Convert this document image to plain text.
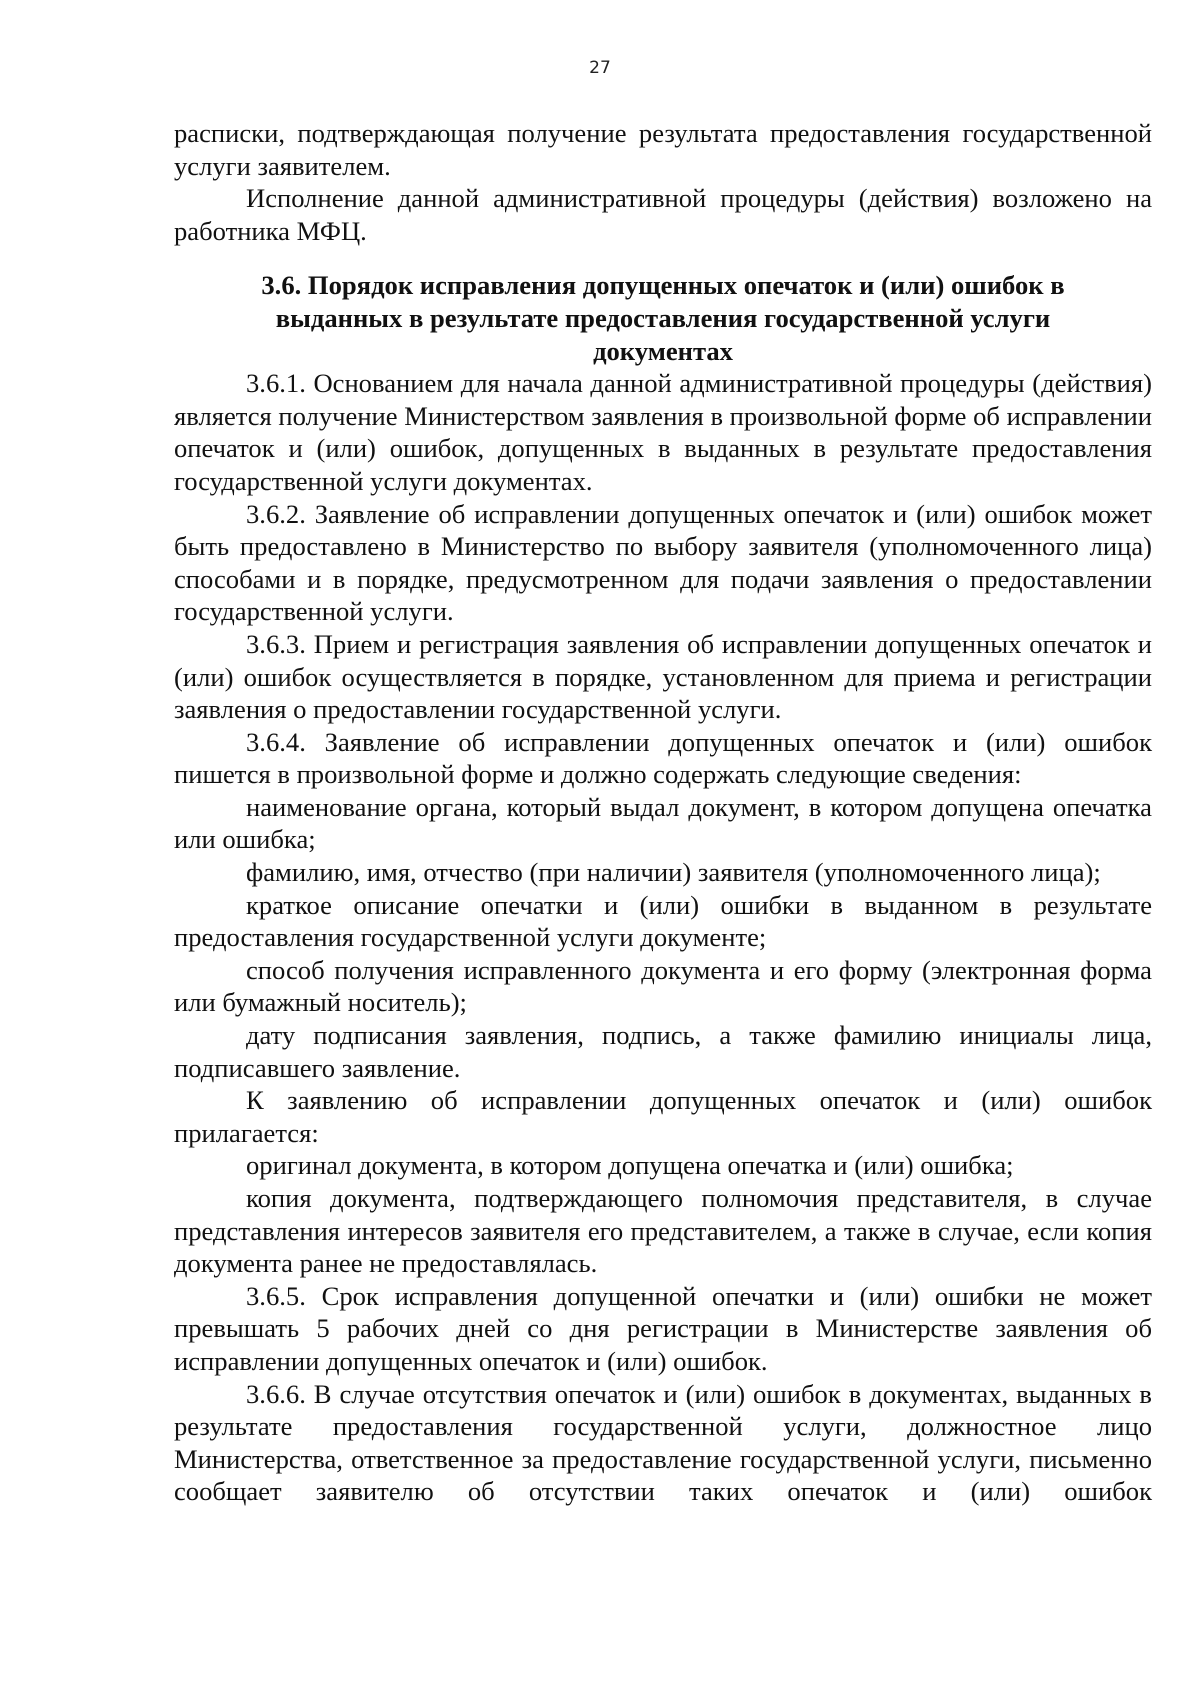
27

расписки, подтверждающая получение результата предоставления государственной услуги заявителем.

Исполнение данной административной процедуры (действия) возложено на работника МФЦ.

3.6. Порядок исправления допущенных опечаток и (или) ошибок в выданных в результате предоставления государственной услуги документах

3.6.1. Основанием для начала данной административной процедуры (действия) является получение Министерством заявления в произвольной форме об исправлении опечаток и (или) ошибок, допущенных в выданных в результате предоставления государственной услуги документах.

3.6.2. Заявление об исправлении допущенных опечаток и (или) ошибок может быть предоставлено в Министерство по выбору заявителя (уполномоченного лица) способами и в порядке, предусмотренном для подачи заявления о предоставлении государственной услуги.

3.6.3. Прием и регистрация заявления об исправлении допущенных опечаток и (или) ошибок осуществляется в порядке, установленном для приема и регистрации заявления о предоставлении государственной услуги.

3.6.4. Заявление об исправлении допущенных опечаток и (или) ошибок пишется в произвольной форме и должно содержать следующие сведения:

наименование органа, который выдал документ, в котором допущена опечатка или ошибка;

фамилию, имя, отчество (при наличии) заявителя (уполномоченного лица);

краткое описание опечатки и (или) ошибки в выданном в результате предоставления государственной услуги документе;

способ получения исправленного документа и его форму (электронная форма или бумажный носитель);

дату подписания заявления, подпись, а также фамилию инициалы лица, подписавшего заявление.

К заявлению об исправлении допущенных опечаток и (или) ошибок прилагается:

оригинал документа, в котором допущена опечатка и (или) ошибка;

копия документа, подтверждающего полномочия представителя, в случае представления интересов заявителя его представителем, а также в случае, если копия документа ранее не предоставлялась.

3.6.5. Срок исправления допущенной опечатки и (или) ошибки не может превышать 5 рабочих дней со дня регистрации в Министерстве заявления об исправлении допущенных опечаток и (или) ошибок.

3.6.6. В случае отсутствия опечаток и (или) ошибок в документах, выданных в результате предоставления государственной услуги, должностное лицо Министерства, ответственное за предоставление государственной услуги, письменно сообщает заявителю об отсутствии таких опечаток и (или) ошибок
